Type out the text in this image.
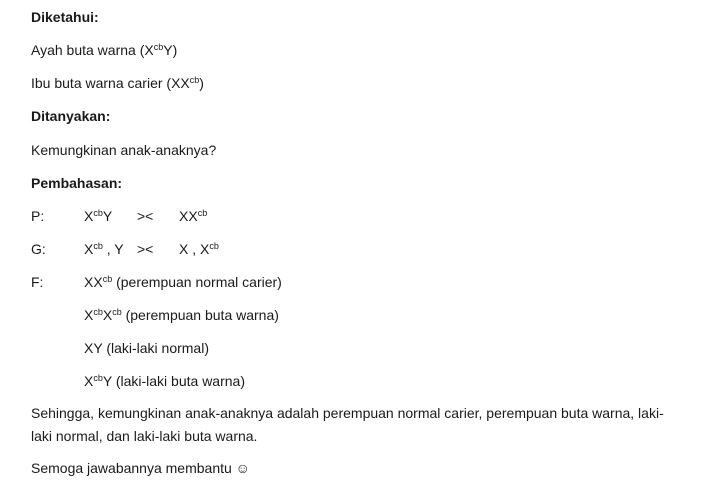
Diketahui:
Ayah buta warna $(X^{cb}Y)$
Ibu buta warna carier $(XX^{cb})$
Ditanyakan:
Kemungkinan anak-anaknya?
Pembahasan:
P:	$X^{cb}Y >< XX^{cb}$
G:	$X^{cb}$ , Y >< X , $X^{cb}$
F:	$XX^{cb}$ (perempuan normal carier)
$X^{cb}X^{cb}$ (perempuan buta warna)
XY (laki-laki normal)
$X^{cb}Y$ (laki-laki buta warna)
Sehingga, kemungkinan anak-anaknya adalah perempuan normal carier, perempuan buta warna, laki-laki normal, dan laki-laki buta warna.
Semoga jawabannya membantu ☺
